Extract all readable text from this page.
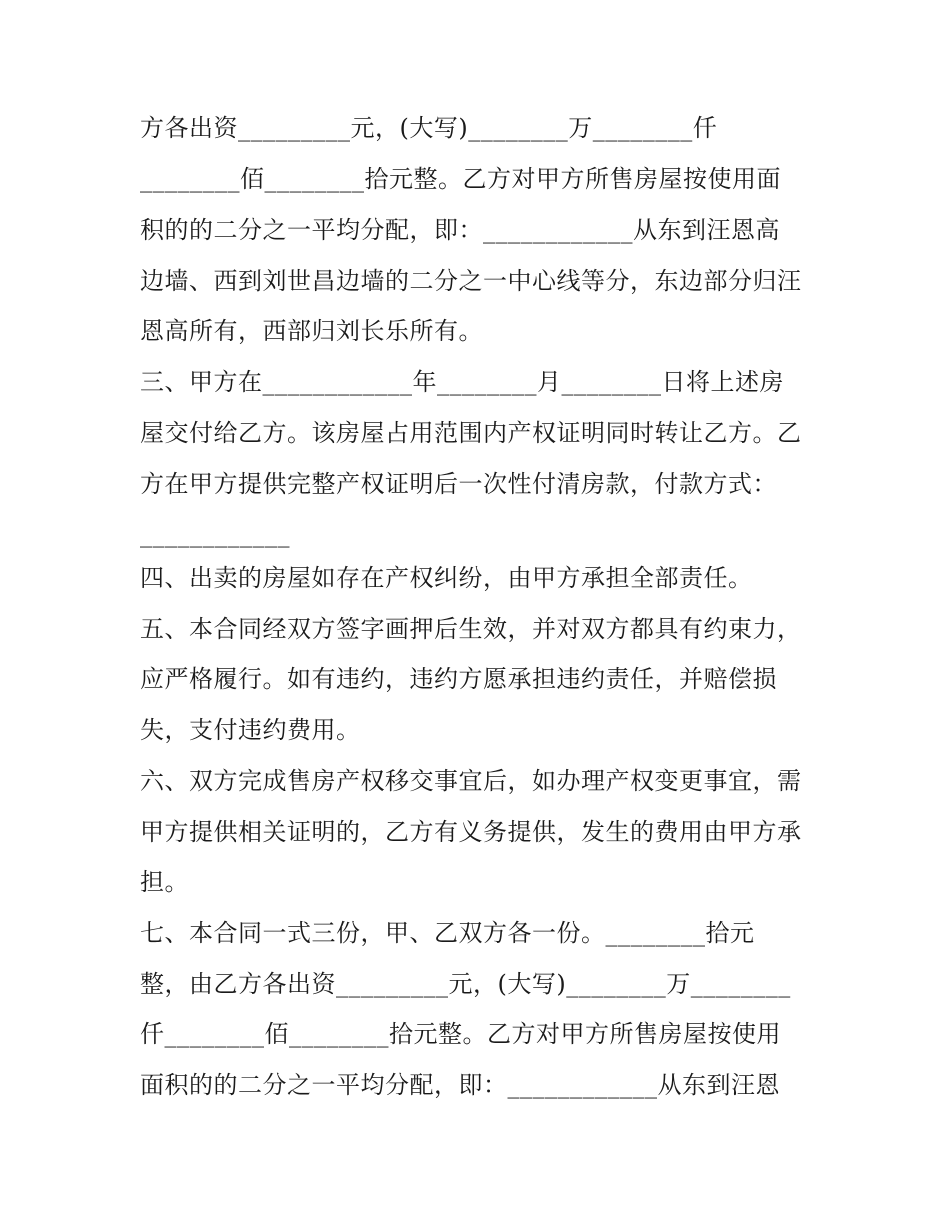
方各出资_________元，(大写)________万________仟
________佰________拾元整。乙方对甲方所售房屋按使用面
积的的二分之一平均分配，即：____________从东到汪恩高
边墙、西到刘世昌边墙的二分之一中心线等分，东边部分归汪
恩高所有，西部归刘长乐所有。
三、甲方在____________年________月________日将上述房
屋交付给乙方。该房屋占用范围内产权证明同时转让乙方。乙
方在甲方提供完整产权证明后一次性付清房款，付款方式：
____________
四、出卖的房屋如存在产权纠纷，由甲方承担全部责任。
五、本合同经双方签字画押后生效，并对双方都具有约束力，
应严格履行。如有违约，违约方愿承担违约责任，并赔偿损
失，支付违约费用。
六、双方完成售房产权移交事宜后，如办理产权变更事宜，需
甲方提供相关证明的，乙方有义务提供，发生的费用由甲方承
担。
七、本合同一式三份，甲、乙双方各一份。________拾元
整，由乙方各出资_________元，(大写)________万________
仟________佰________拾元整。乙方对甲方所售房屋按使用
面积的的二分之一平均分配，即：____________从东到汪恩
